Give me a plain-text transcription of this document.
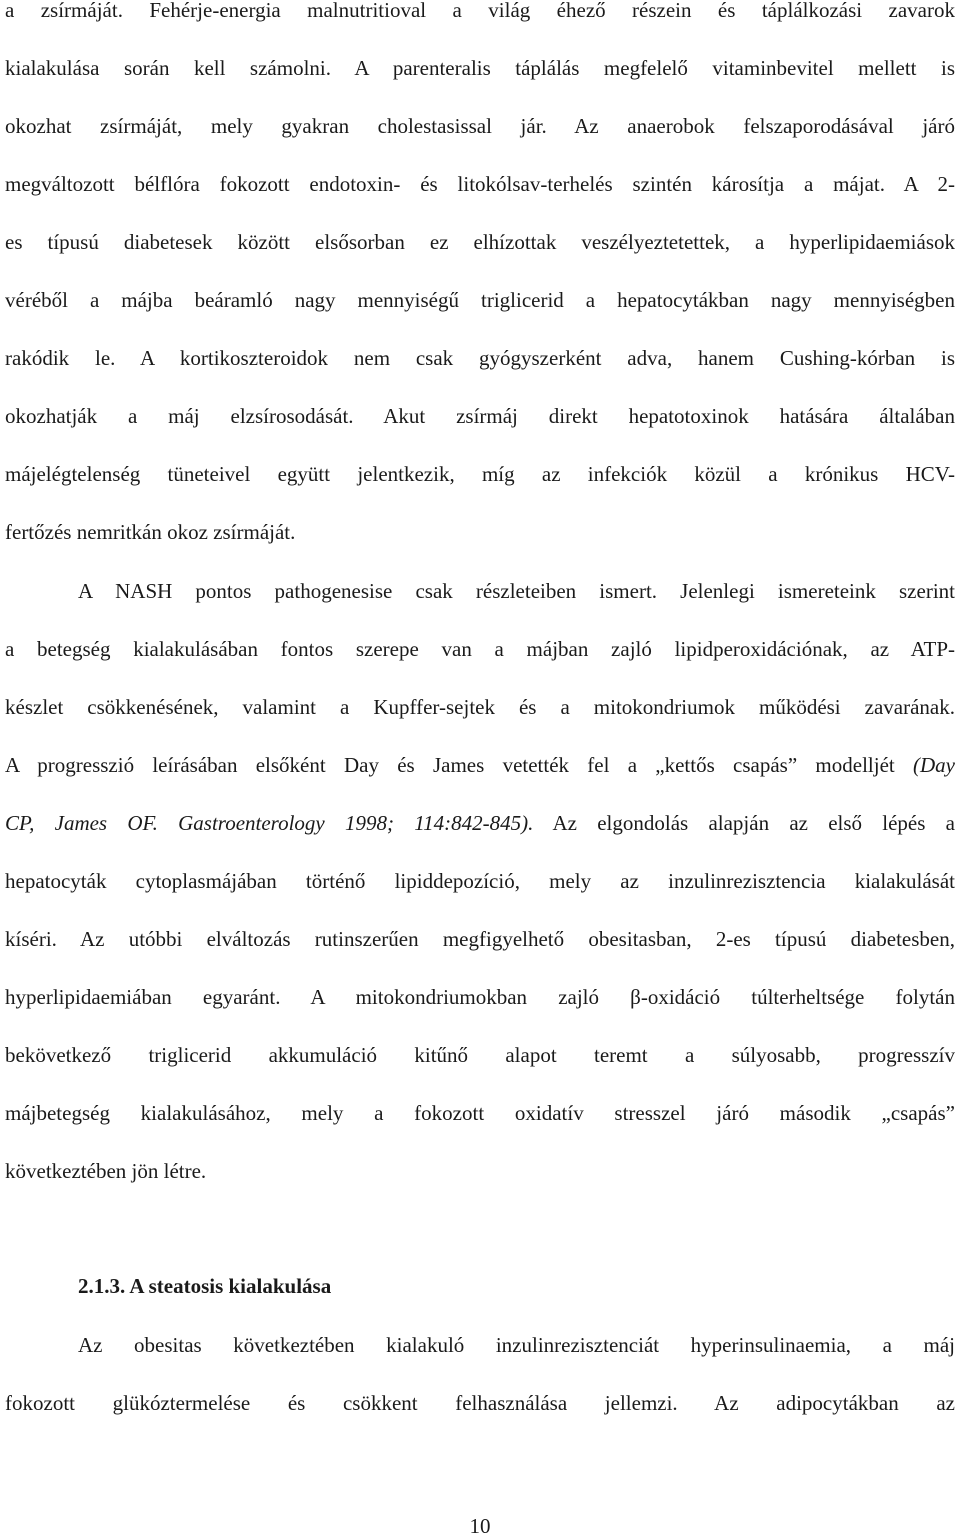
a zsírmáját. Fehérje-energia malnutritioval a világ éhező részein és táplálkozási zavarok
kialakulása során kell számolni. A parenteralis táplálás megfelelő vitaminbevitel mellett is
okozhat zsírmáját, mely gyakran cholestasissal jár. Az anaerobok felszaporodásával járó
megváltozott bélflóra fokozott endotoxin- és litokólsav-terhelés szintén károsítja a májat. A 2-
es típusú diabetesek között elsősorban ez elhízottak veszélyeztetettek, a hyperlipidaemiások
véréből a májba beáramló nagy mennyiségű triglicerid a hepatocytákban nagy mennyiségben
rakódik le. A kortikoszteroidok nem csak gyógyszerként adva, hanem Cushing-kórban is
okozhatják a máj elzsírosodását. Akut zsírmáj direkt hepatotoxinok hatására általában
májelégtelenség tüneteivel együtt jelentkezik, míg az infekciók közül a krónikus HCV-
fertőzés nemritkán okoz zsírmáját.
A NASH pontos pathogenesise csak részleteiben ismert. Jelenlegi ismereteink szerint
a betegség kialakulásában fontos szerepe van a májban zajló lipidperoxidációnak, az ATP-
készlet csökkenésének, valamint a Kupffer-sejtek és a mitokondriumok működési zavarának.
A progresszió leírásában elsőként Day és James vetették fel a „kettős csapás” modelljét (Day
CP, James OF. Gastroenterology 1998; 114:842-845). Az elgondolás alapján az első lépés a
hepatocyták cytoplasmájában történő lipiddepozíció, mely az inzulinrezisztencia kialakulását
kíséri. Az utóbbi elváltozás rutinszerűen megfigyelhető obesitasban, 2-es típusú diabetesben,
hyperlipidaemiában egyaránt. A mitokondriumokban zajló β-oxidáció túlterheltsége folytán
bekövetkező triglicerid akkumuláció kitűnő alapot teremt a súlyosabb, progresszív
májbetegség kialakulásához, mely a fokozott oxidatív stresszel járó második „csapás”
következtében jön létre.
2.1.3. A steatosis kialakulása
Az obesitas következtében kialakuló inzulinrezisztenciát hyperinsulinaemia, a máj
fokozott glükóztermelése és csökkent felhasználása jellemzi. Az adipocytákban az
10
